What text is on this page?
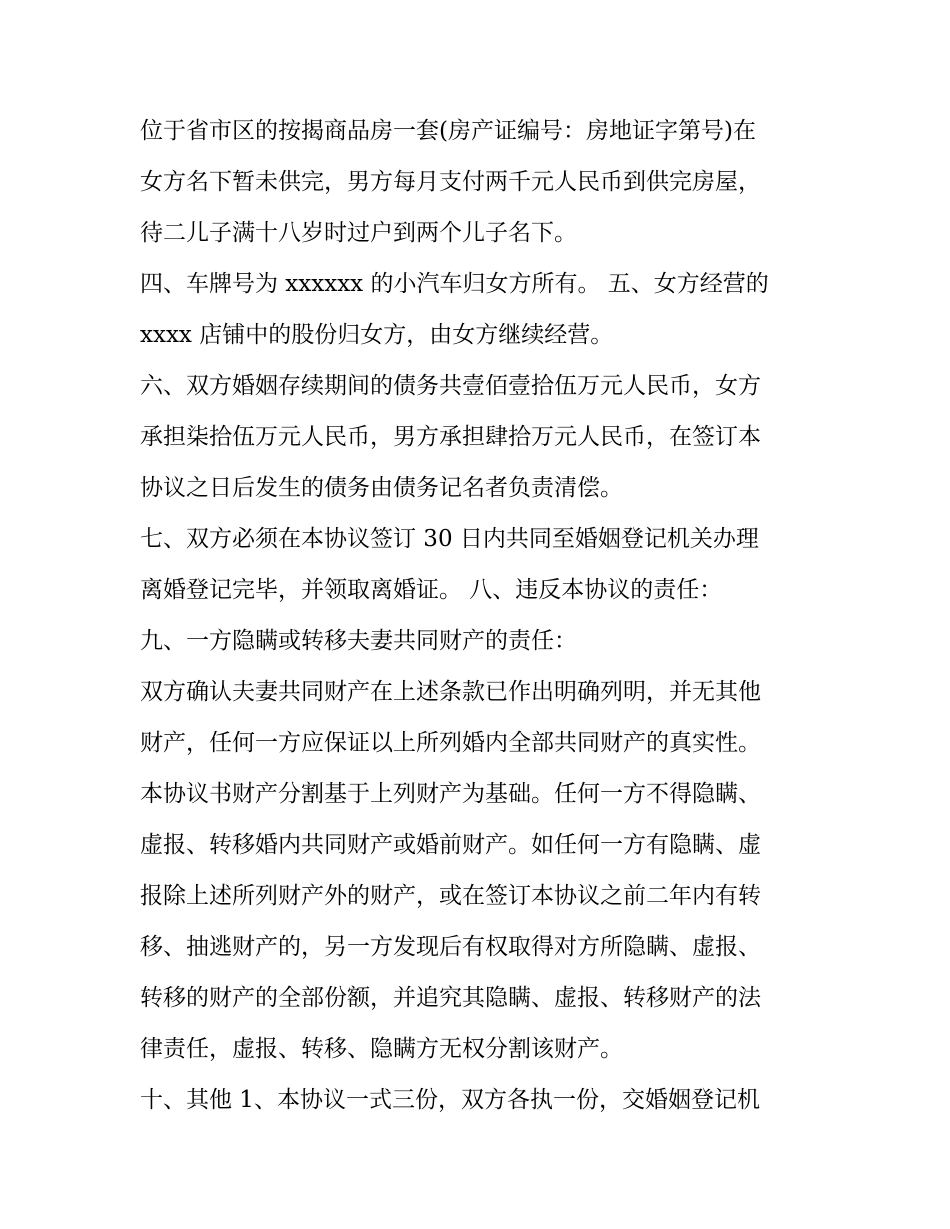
位于省市区的按揭商品房一套(房产证编号：房地证字第号)在
女方名下暂未供完，男方每月支付两千元人民币到供完房屋，
待二儿子满十八岁时过户到两个儿子名下。
四、车牌号为 xxxxxx 的小汽车归女方所有。 五、女方经营的
xxxx 店铺中的股份归女方，由女方继续经营。
六、双方婚姻存续期间的债务共壹佰壹拾伍万元人民币，女方
承担柒拾伍万元人民币，男方承担肆拾万元人民币，在签订本
协议之日后发生的债务由债务记名者负责清偿。
七、双方必须在本协议签订 30 日内共同至婚姻登记机关办理
离婚登记完毕，并领取离婚证。 八、违反本协议的责任：
九、一方隐瞒或转移夫妻共同财产的责任：
双方确认夫妻共同财产在上述条款已作出明确列明，并无其他
财产，任何一方应保证以上所列婚内全部共同财产的真实性。
本协议书财产分割基于上列财产为基础。任何一方不得隐瞒、
虚报、转移婚内共同财产或婚前财产。如任何一方有隐瞒、虚
报除上述所列财产外的财产，或在签订本协议之前二年内有转
移、抽逃财产的，另一方发现后有权取得对方所隐瞒、虚报、
转移的财产的全部份额，并追究其隐瞒、虚报、转移财产的法
律责任，虚报、转移、隐瞒方无权分割该财产。
十、其他 1、本协议一式三份，双方各执一份，交婚姻登记机
